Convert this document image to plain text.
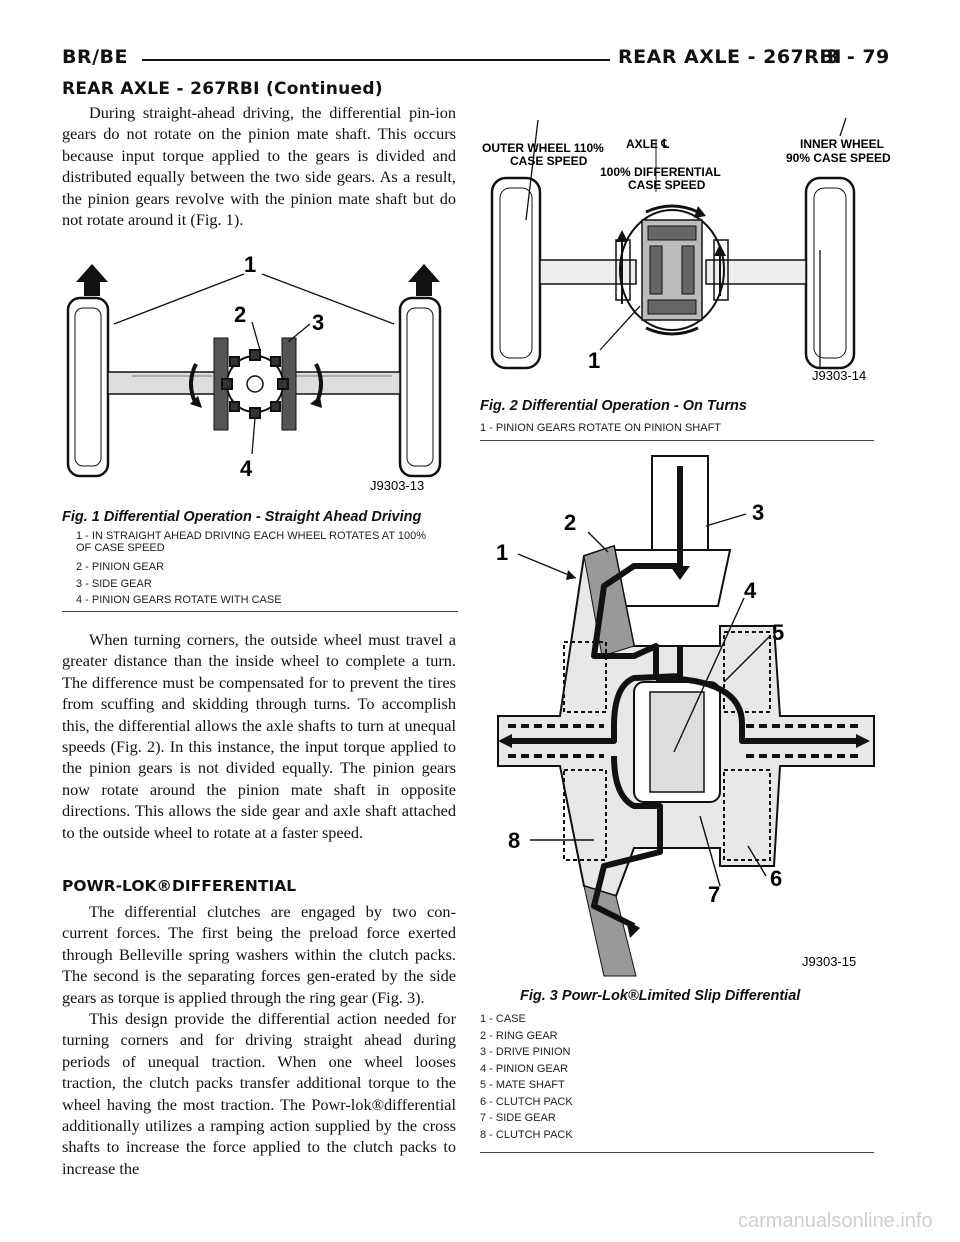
BR/BE	REAR AXLE - 267RBI
3 - 79
REAR AXLE - 267RBI (Continued)

During straight-ahead driving, the differential pin-ion gears do not rotate on the pinion mate shaft. This occurs because input torque applied to the gears is divided and distributed equally between the two side gears. As a result, the pinion gears revolve with the pinion mate shaft but do not rotate around it (Fig. 1).

1
2	3
4
J9303-13
Fig. 1 Differential Operation - Straight Ahead Driving
1 - IN STRAIGHT AHEAD DRIVING EACH WHEEL ROTATES AT 100% OF CASE SPEED
2 - PINION GEAR
3 - SIDE GEAR
4 - PINION GEARS ROTATE WITH CASE

When turning corners, the outside wheel must travel a greater distance than the inside wheel to complete a turn. The difference must be compensated for to prevent the tires from scuffing and skidding through turns. To accomplish this, the differential allows the axle shafts to turn at unequal speeds (Fig. 2). In this instance, the input torque applied to the pinion gears is not divided equally. The pinion gears now rotate around the pinion mate shaft in opposite directions. This allows the side gear and axle shaft attached to the outside wheel to rotate at a faster speed.

POWR-LOK®DIFFERENTIAL

The differential clutches are engaged by two con-current forces. The first being the preload force exerted through Belleville spring washers within the clutch packs. The second is the separating forces gen-erated by the side gears as torque is applied through the ring gear (Fig. 3).

This design provide the differential action needed for turning corners and for driving straight ahead during periods of unequal traction. When one wheel looses traction, the clutch packs transfer additional torque to the wheel having the most traction. The Powr-lok®differential additionally utilizes a ramping action supplied by the cross shafts to increase the force applied to the clutch packs to increase the

OUTER WHEEL 110%
CASE SPEED
AXLE ℄
100% DIFFERENTIAL
CASE SPEED
INNER WHEEL
90% CASE SPEED
1
J9303-14
Fig. 2 Differential Operation - On Turns
1 - PINION GEARS ROTATE ON PINION SHAFT
1
2	3
4
5
6
7
8
J9303-15
Fig. 3 Powr-Lok®Limited Slip Differential
1 - CASE
2 - RING GEAR
3 - DRIVE PINION
4 - PINION GEAR
5 - MATE SHAFT
6 - CLUTCH PACK
7 - SIDE GEAR
8 - CLUTCH PACK
carmanualsonline.info
